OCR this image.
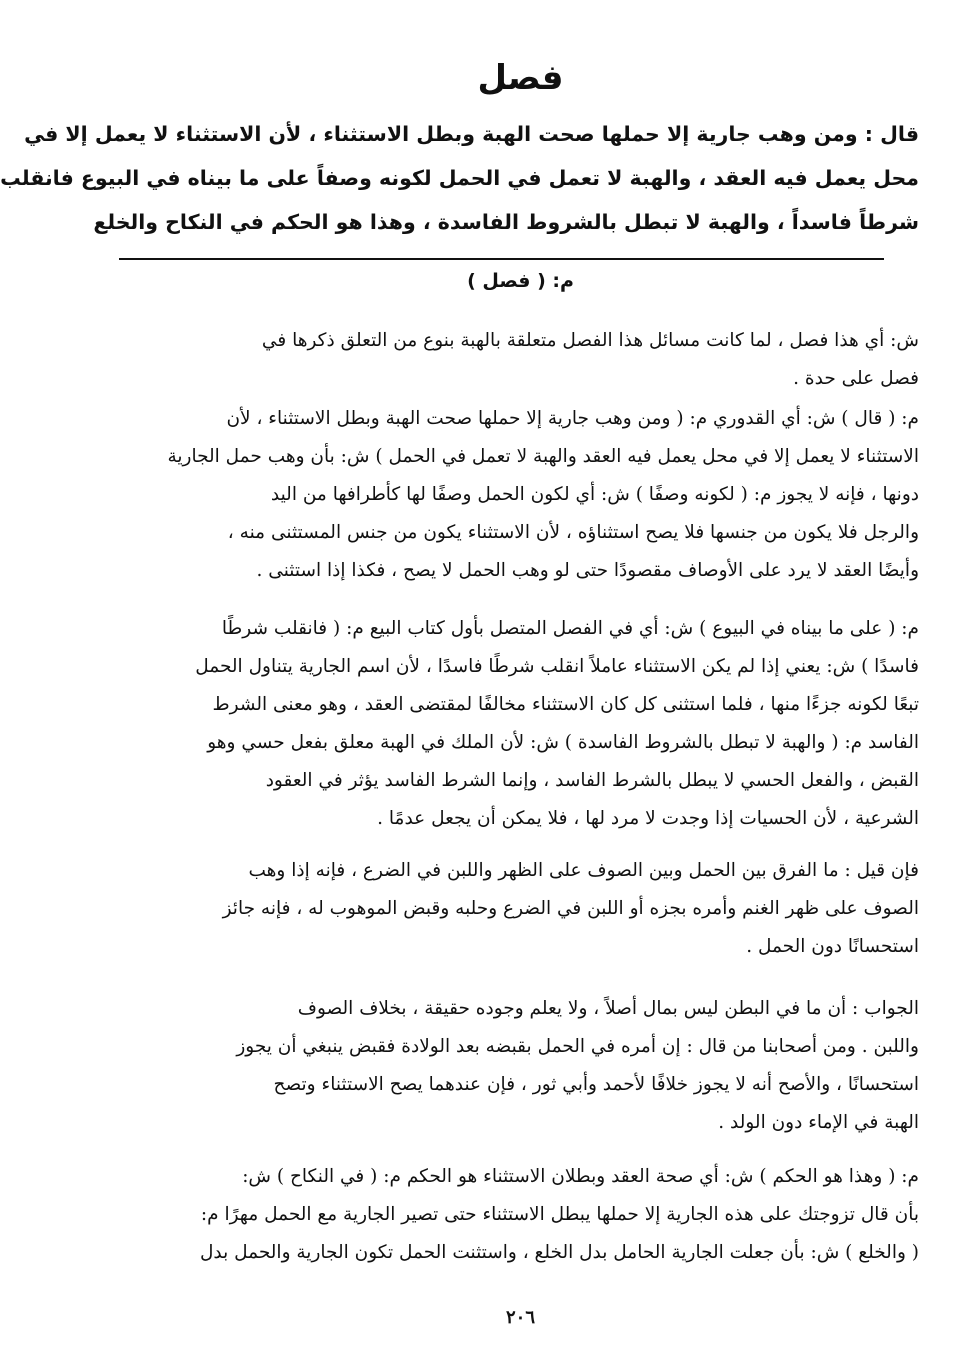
فصل
قال : ومن وهب جارية إلا حملها صحت الهبة وبطل الاستثناء ، لأن الاستثناء لا يعمل إلا في
محل يعمل فيه العقد ، والهبة لا تعمل في الحمل لكونه وصفاً على ما بيناه في البيوع فانقلب
شرطاً فاسداً ، والهبة لا تبطل بالشروط الفاسدة ، وهذا هو الحكم في النكاح والخلع
م: ( فصل )
ش: أي هذا فصل ، لما كانت مسائل هذا الفصل متعلقة بالهبة بنوع من التعلق ذكرها في
فصل على حدة .
م: ( قال ) ش: أي القدوري م: ( ومن وهب جارية إلا حملها صحت الهبة وبطل الاستثناء ، لأن
الاستثناء لا يعمل إلا في محل يعمل فيه العقد والهبة لا تعمل في الحمل ) ش: بأن وهب حمل الجارية
دونها ، فإنه لا يجوز م: ( لكونه وصفًا ) ش: أي لكون الحمل وصفًا لها كأطرافها من اليد
والرجل فلا يكون من جنسها فلا يصح استثناؤه ، لأن الاستثناء يكون من جنس المستثنى منه ،
وأيضًا العقد لا يرد على الأوصاف مقصودًا حتى لو وهب الحمل لا يصح ، فكذا إذا استثنى .
م: ( على ما بيناه في البيوع ) ش: أي في الفصل المتصل بأول كتاب البيع م: ( فانقلب شرطًا
فاسدًا ) ش: يعني إذا لم يكن الاستثناء عاملاً انقلب شرطًا فاسدًا ، لأن اسم الجارية يتناول الحمل
تبعًا لكونه جزءًا منها ، فلما استثنى كل كان الاستثناء مخالفًا لمقتضى العقد ، وهو معنى الشرط
الفاسد م: ( والهبة لا تبطل بالشروط الفاسدة ) ش: لأن الملك في الهبة معلق بفعل حسي وهو
القبض ، والفعل الحسي لا يبطل بالشرط الفاسد ، وإنما الشرط الفاسد يؤثر في العقود
الشرعية ، لأن الحسيات إذا وجدت لا مرد لها ، فلا يمكن أن يجعل عدمًا .
فإن قيل : ما الفرق بين الحمل وبين الصوف على الظهر واللبن في الضرع ، فإنه إذا وهب
الصوف على ظهر الغنم وأمره بجزه أو اللبن في الضرع وحلبه وقبض الموهوب له ، فإنه جائز
استحسانًا دون الحمل .
الجواب : أن ما في البطن ليس بمال أصلاً ، ولا يعلم وجوده حقيقة ، بخلاف الصوف
واللبن . ومن أصحابنا من قال : إن أمره في الحمل بقبضه بعد الولادة فقبض ينبغي أن يجوز
استحسانًا ، والأصح أنه لا يجوز خلافًا لأحمد وأبي ثور ، فإن عندهما يصح الاستثناء وتصح
الهبة في الإماء دون الولد .
م: ( وهذا هو الحكم ) ش: أي صحة العقد وبطلان الاستثناء هو الحكم م: ( في النكاح ) ش:
بأن قال تزوجتك على هذه الجارية إلا حملها يبطل الاستثناء حتى تصير الجارية مع الحمل مهرًا م:
( والخلع ) ش: بأن جعلت الجارية الحامل بدل الخلع ، واستثنت الحمل تكون الجارية والحمل بدل
٢٠٦
